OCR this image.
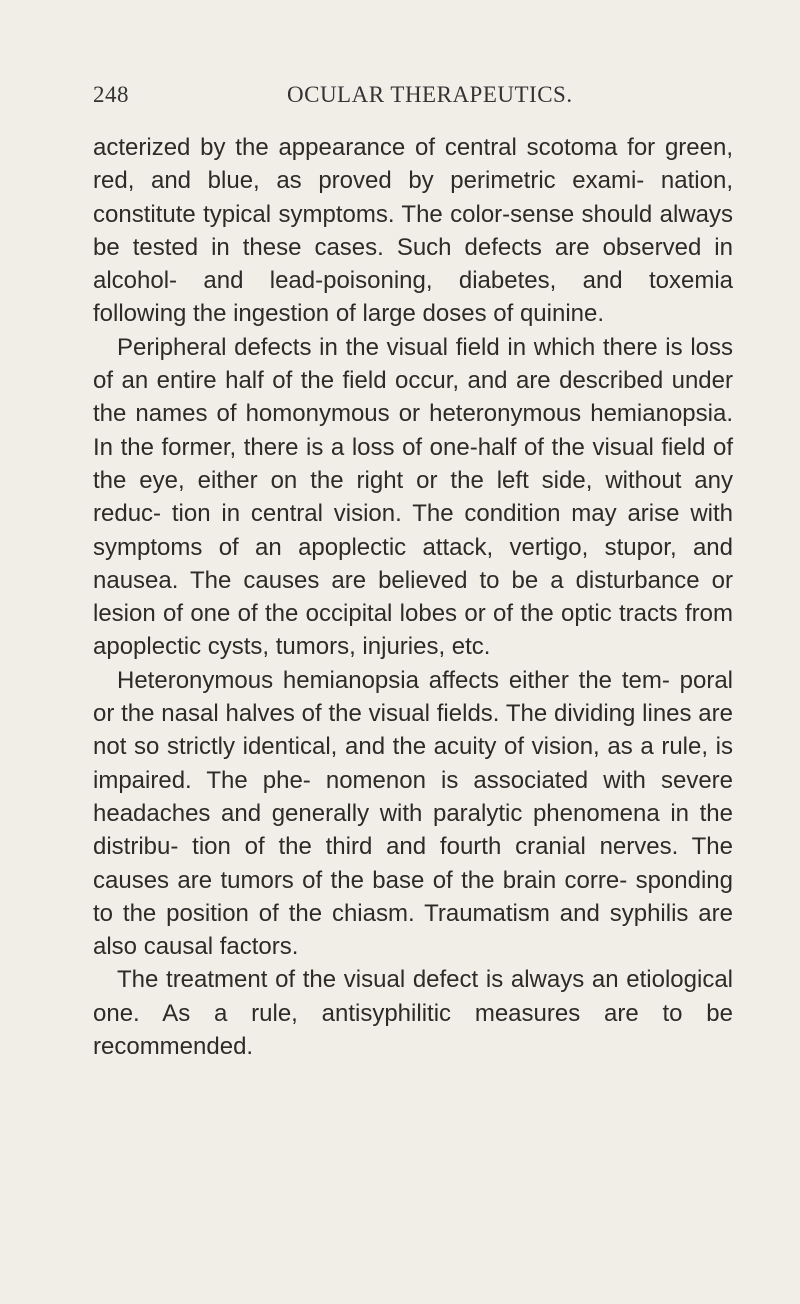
248	OCULAR THERAPEUTICS.

acterized by the appearance of central scotoma for green, red, and blue, as proved by perimetric exami- nation, constitute typical symptoms. The color-sense should always be tested in these cases. Such defects are observed in alcohol- and lead-poisoning, diabetes, and toxemia following the ingestion of large doses of quinine.

Peripheral defects in the visual field in which there is loss of an entire half of the field occur, and are described under the names of homonymous or heteronymous hemianopsia. In the former, there is a loss of one-half of the visual field of the eye, either on the right or the left side, without any reduc- tion in central vision. The condition may arise with symptoms of an apoplectic attack, vertigo, stupor, and nausea. The causes are believed to be a disturbance or lesion of one of the occipital lobes or of the optic tracts from apoplectic cysts, tumors, injuries, etc.

Heteronymous hemianopsia affects either the tem- poral or the nasal halves of the visual fields. The dividing lines are not so strictly identical, and the acuity of vision, as a rule, is impaired. The phe- nomenon is associated with severe headaches and generally with paralytic phenomena in the distribu- tion of the third and fourth cranial nerves. The causes are tumors of the base of the brain corre- sponding to the position of the chiasm. Traumatism and syphilis are also causal factors.

The treatment of the visual defect is always an etiological one. As a rule, antisyphilitic measures are to be recommended.
